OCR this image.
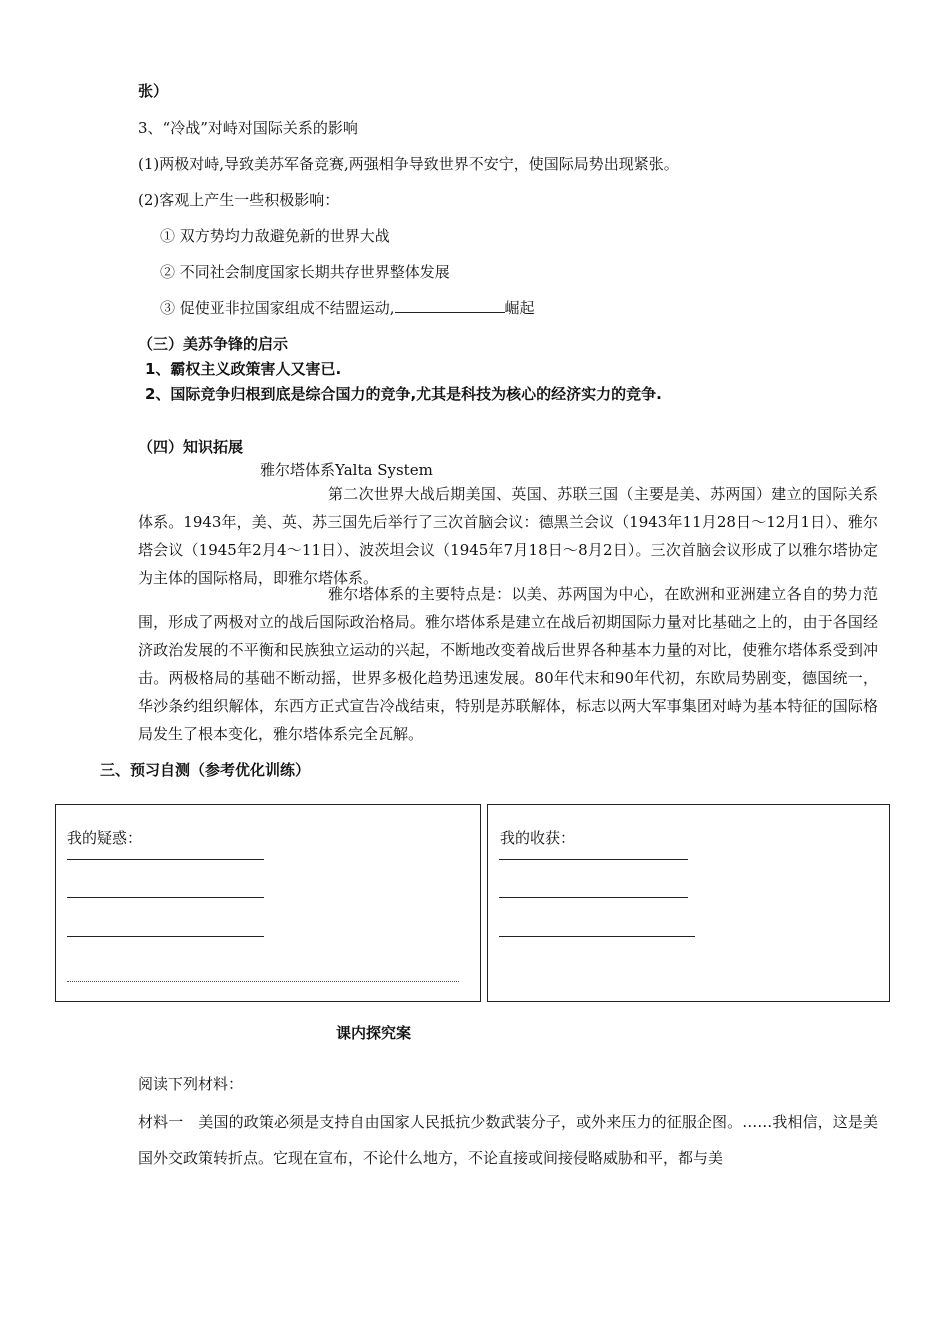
张）
3、“冷战”对峙对国际关系的影响
(1)两极对峙,导致美苏军备竞赛,两强相争导致世界不安宁，使国际局势出现紧张。
(2)客观上产生一些积极影响：
① 双方势均力敌避免新的世界大战
② 不同社会制度国家长期共存世界整体发展
③ 促使亚非拉国家组成不结盟运动,	崛起
（三）美苏争锋的启示
1、霸权主义政策害人又害已.
2、国际竞争归根到底是综合国力的竞争,尤其是科技为核心的经济实力的竞争.
（四）知识拓展
雅尔塔体系Yalta System
第二次世界大战后期美国、英国、苏联三国（主要是美、苏两国）建立的国际关系体系。1943年，美、英、苏三国先后举行了三次首脑会议：德黑兰会议（1943年11月28日～12月1日）、雅尔塔会议（1945年2月4～11日）、波茨坦会议（1945年7月18日～8月2日）。三次首脑会议形成了以雅尔塔协定为主体的国际格局，即雅尔塔体系。
雅尔塔体系的主要特点是：以美、苏两国为中心，在欧洲和亚洲建立各自的势力范围，形成了两极对立的战后国际政治格局。雅尔塔体系是建立在战后初期国际力量对比基础之上的，由于各国经济政治发展的不平衡和民族独立运动的兴起，不断地改变着战后世界各种基本力量的对比，使雅尔塔体系受到冲击。两极格局的基础不断动摇，世界多极化趋势迅速发展。80年代末和90年代初，东欧局势剧变，德国统一，华沙条约组织解体，东西方正式宣告冷战结束，特别是苏联解体，标志以两大军事集团对峙为基本特征的国际格局发生了根本变化，雅尔塔体系完全瓦解。
三、预习自测（参考优化训练）
我的疑惑：	我的收获：
课内探究案
阅读下列材料：
材料一　美国的政策必须是支持自由国家人民抵抗少数武装分子，或外来压力的征服企图。……我相信，这是美国外交政策转折点。它现在宣布，不论什么地方，不论直接或间接侵略威胁和平，都与美
